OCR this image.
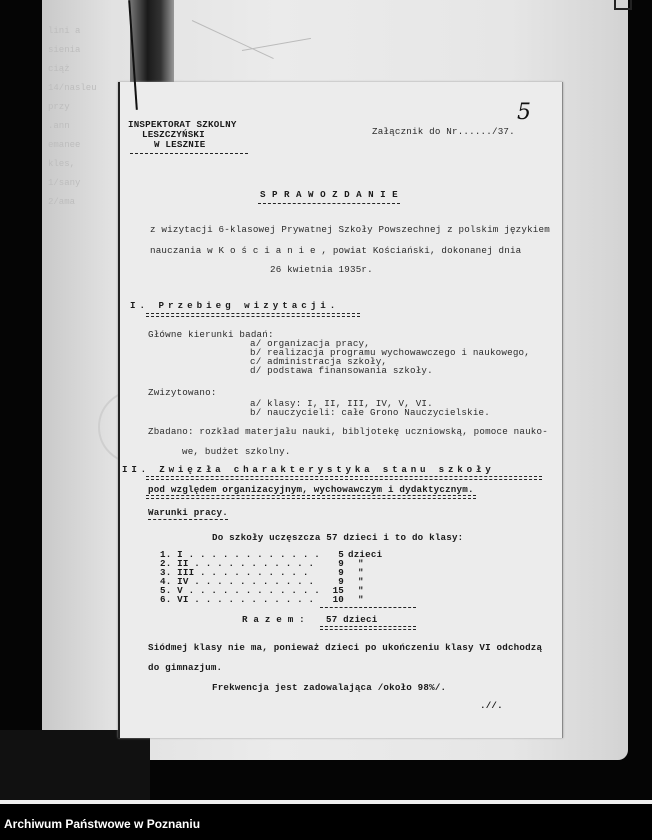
lini a
sienia
ciąż
14/nasleu
przy
.ann
emanee
kles,
1/sany
2/ama
INSPEKTORAT SZKOLNY
LESZCZYŃSKI
W LESZNIE
Załącznik do Nr....../37.
5
SPRAWOZDANIE
z wizytacji 6-klasowej Prywatnej Szkoły Powszechnej z polskim językiem
nauczania w K o ś c i a n i e , powiat Kościański, dokonanej dnia
26 kwietnia 1935r.
I. Przebieg wizytacji.
Główne kierunki badań:
a/ organizacja pracy,
b/ realizacja programu wychowawczego i naukowego,
c/ administracja szkoły,
d/ podstawa finansowania szkoły.
Zwizytowano:
a/ klasy: I, II, III, IV, V, VI.
b/ nauczycieli: całe Grono Nauczycielskie.
Zbadano: rozkład materjału nauki, bibljotekę uczniowską, pomoce nauko-
we, budżet szkolny.
II. Zwięzła charakterystyka stanu szkoły
pod względem organizacyjnym, wychowawczym i dydaktycznym.
Warunki pracy.
Do szkoły uczęszcza 57 dzieci i to do klasy:
1. I . . . . . . . . . . . .	5 dzieci
2. II . . . . . . . . . . .	9 "
3. III . . . . . . . . . .	9 "
4. IV . . . . . . . . . . .	9 "
5. V . . . . . . . . . . . .	15 "
6. VI . . . . . . . . . . .	10 "
R a z e m : 57 dzieci
Siódmej klasy nie ma, ponieważ dzieci po ukończeniu klasy VI odchodzą
do gimnazjum.
Frekwencja jest zadowalająca /około 98%/.
.//.
Archiwum Państwowe w Poznaniu
